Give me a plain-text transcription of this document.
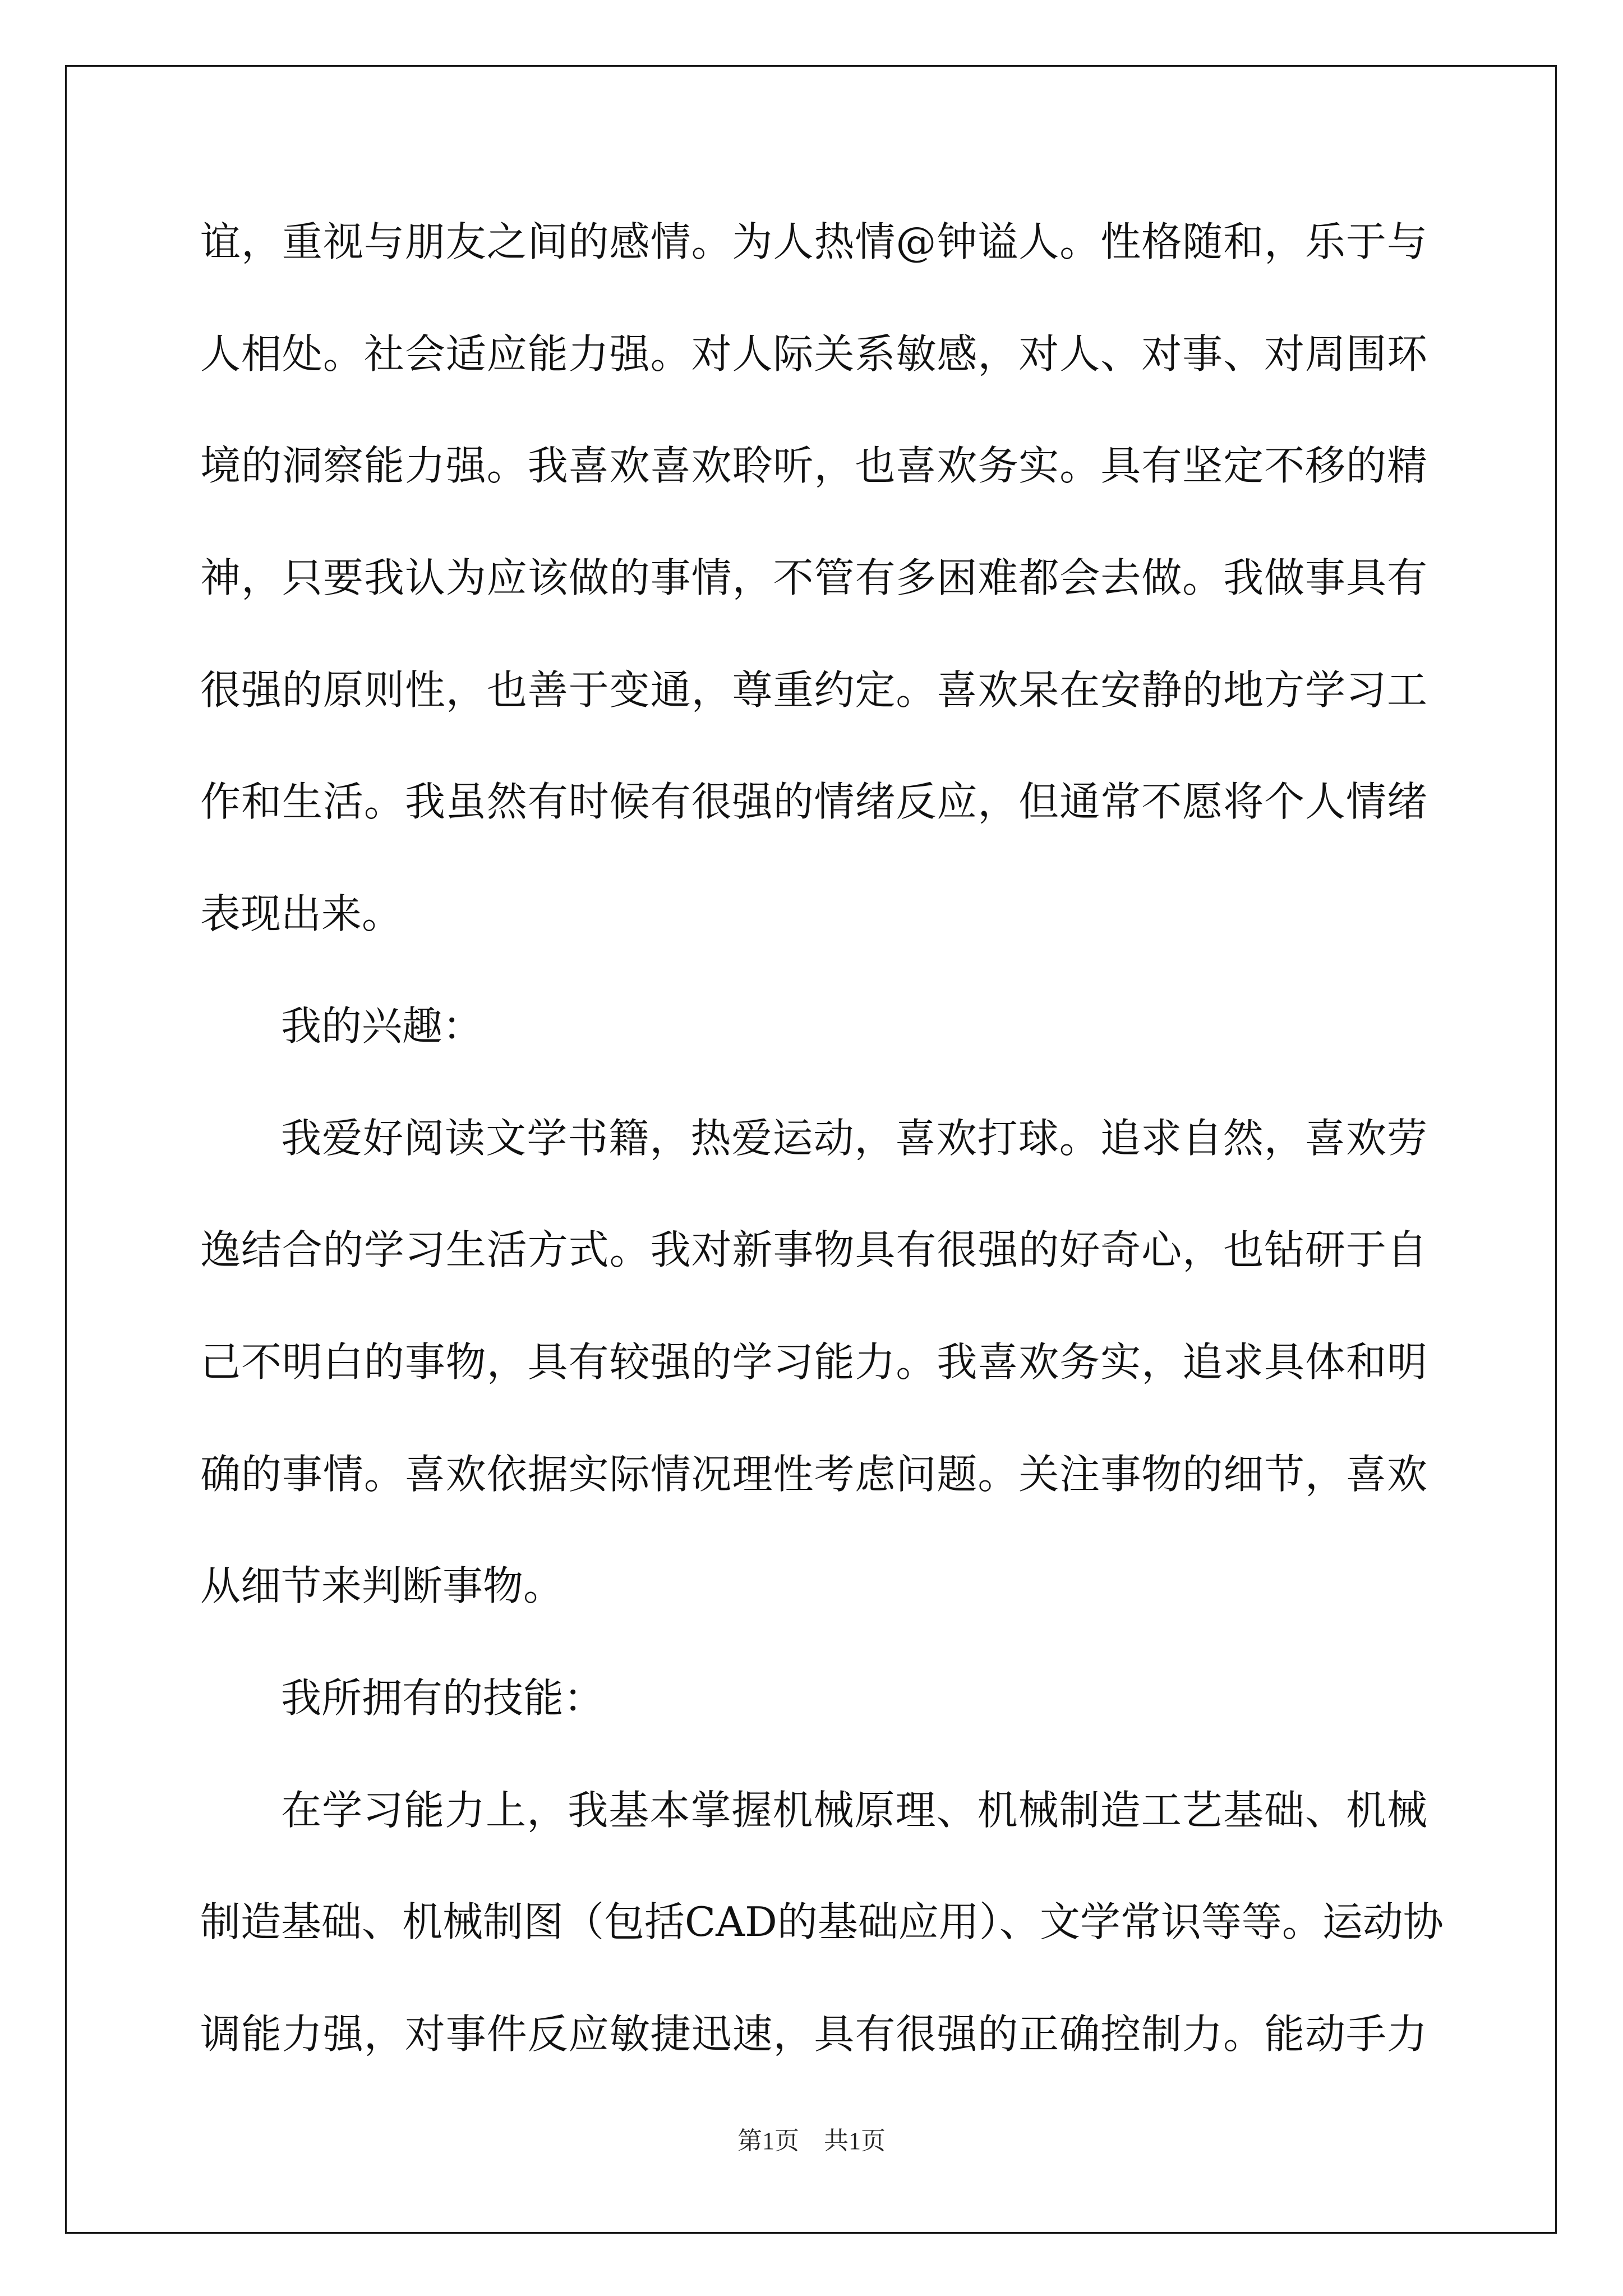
谊，重视与朋友之间的感情。为人热情@钟谥人。性格随和，乐于与

人相处。社会适应能力强。对人际关系敏感，对人、对事、对周围环

境的洞察能力强。我喜欢喜欢聆听，也喜欢务实。具有坚定不移的精

神，只要我认为应该做的事情，不管有多困难都会去做。我做事具有

很强的原则性，也善于变通，尊重约定。喜欢呆在安静的地方学习工

作和生活。我虽然有时候有很强的情绪反应，但通常不愿将个人情绪

表现出来。

我的兴趣：

我爱好阅读文学书籍，热爱运动，喜欢打球。追求自然，喜欢劳

逸结合的学习生活方式。我对新事物具有很强的好奇心，也钻研于自

己不明白的事物，具有较强的学习能力。我喜欢务实，追求具体和明

确的事情。喜欢依据实际情况理性考虑问题。关注事物的细节，喜欢

从细节来判断事物。

我所拥有的技能：

在学习能力上，我基本掌握机械原理、机械制造工艺基础、机械

制造基础、机械制图（包括CAD的基础应用）、文学常识等等。运动协

调能力强，对事件反应敏捷迅速，具有很强的正确控制力。能动手力

第1页　共1页
